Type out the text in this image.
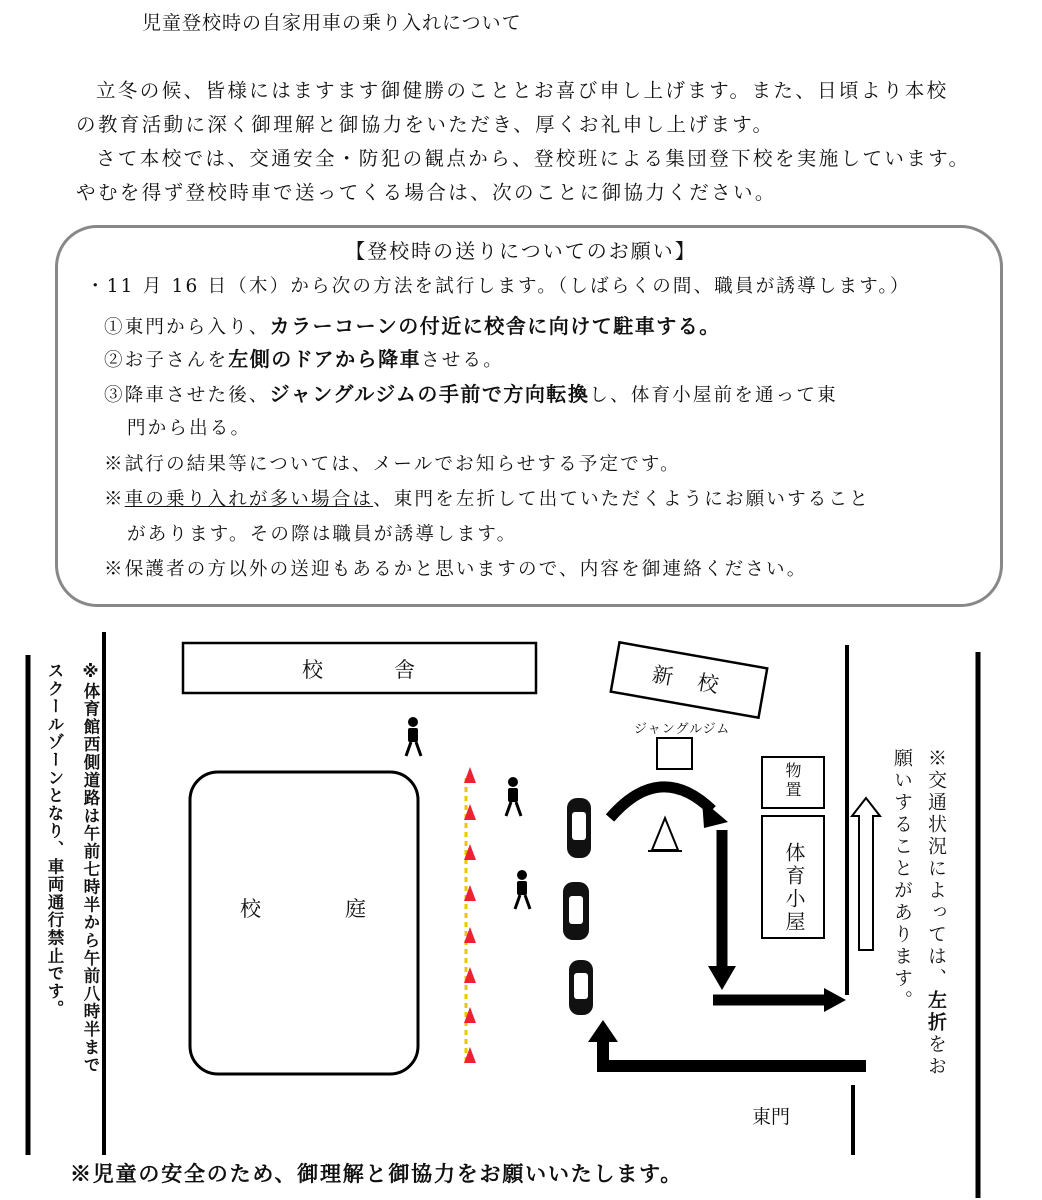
児童登校時の自家用車の乗り入れについて
立冬の候、皆様にはますます御健勝のこととお喜び申し上げます。また、日頃より本校
の教育活動に深く御理解と御協力をいただき、厚くお礼申し上げます。
さて本校では、交通安全・防犯の観点から、登校班による集団登下校を実施しています。
やむを得ず登校時車で送ってくる場合は、次のことに御協力ください。
【登校時の送りについてのお願い】
・11 月 16 日（木）から次の方法を試行します。（しばらくの間、職員が誘導します。）
①東門から入り、カラーコーンの付近に校舎に向けて駐車する。
②お子さんを左側のドアから降車させる。
③降車させた後、ジャングルジムの手前で方向転換し、体育小屋前を通って東
門から出る。
※試行の結果等については、メールでお知らせする予定です。
※車の乗り入れが多い場合は、東門を左折して出ていただくようにお願いすること
があります。その際は職員が誘導します。
※保護者の方以外の送迎もあるかと思いますので、内容を御連絡ください。
校　　　舎	新　校
ジャングルジム
物置
体育小屋
校	庭
東門
※体育館西側道路は午前七時半から午前八時半までスクールゾーンとなり、車両通行禁止です。	※交通状況によっては、左折をお願いすることがあります。
※児童の安全のため、御理解と御協力をお願いいたします。
